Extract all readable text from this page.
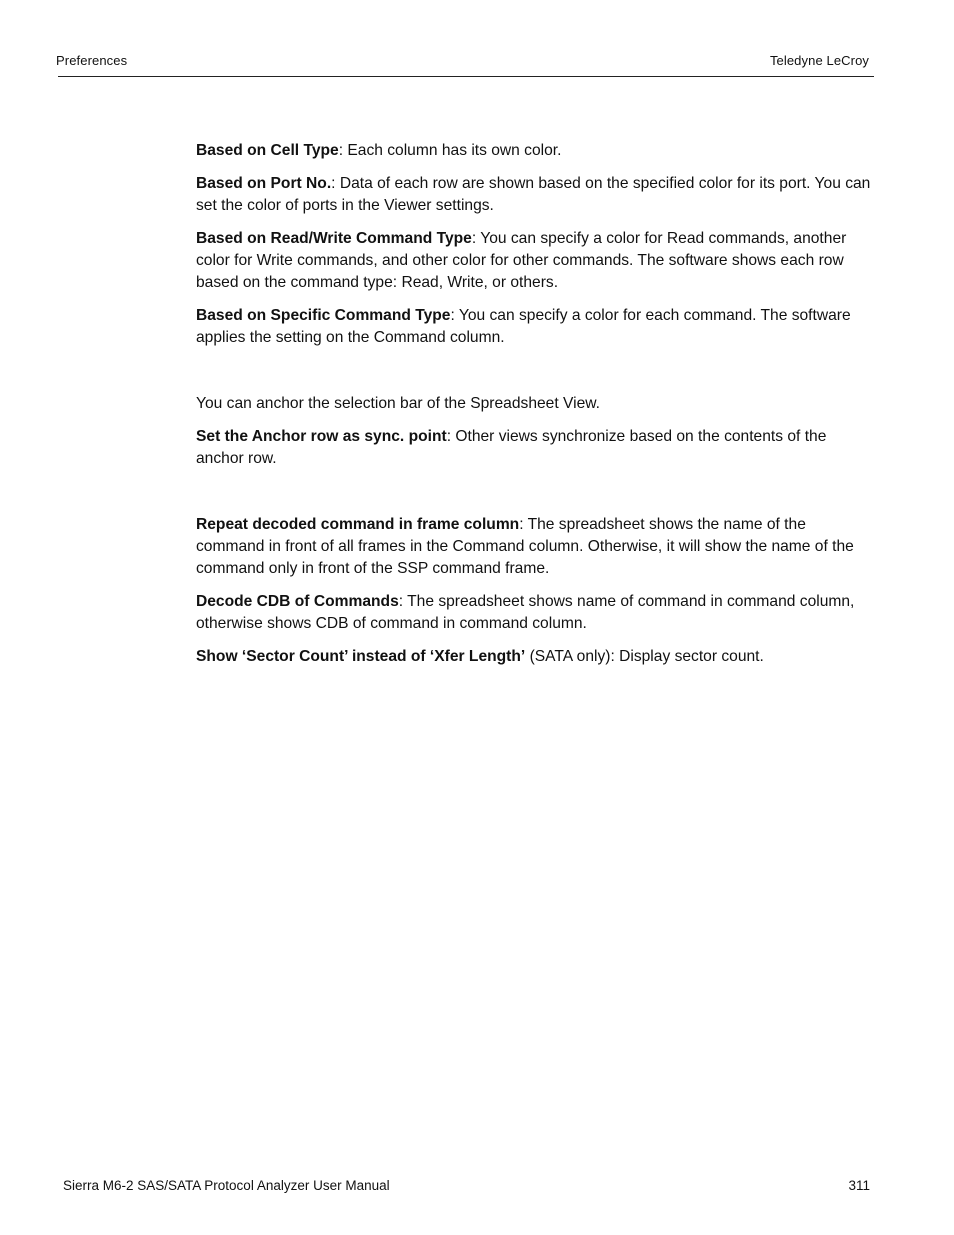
Preferences	Teledyne LeCroy

Based on Cell Type: Each column has its own color.

Based on Port No.: Data of each row are shown based on the specified color for its port. You can set the color of ports in the Viewer settings.

Based on Read/Write Command Type: You can specify a color for Read commands, another color for Write commands, and other color for other commands. The software shows each row based on the command type: Read, Write, or others.

Based on Specific Command Type: You can specify a color for each command. The software applies the setting on the Command column.

You can anchor the selection bar of the Spreadsheet View.

Set the Anchor row as sync. point: Other views synchronize based on the contents of the anchor row.

Repeat decoded command in frame column: The spreadsheet shows the name of the command in front of all frames in the Command column. Otherwise, it will show the name of the command only in front of the SSP command frame.

Decode CDB of Commands: The spreadsheet shows name of command in command column, otherwise shows CDB of command in command column.

Show ‘Sector Count’ instead of ‘Xfer Length’ (SATA only): Display sector count.

Sierra M6-2 SAS/SATA Protocol Analyzer User Manual	311
